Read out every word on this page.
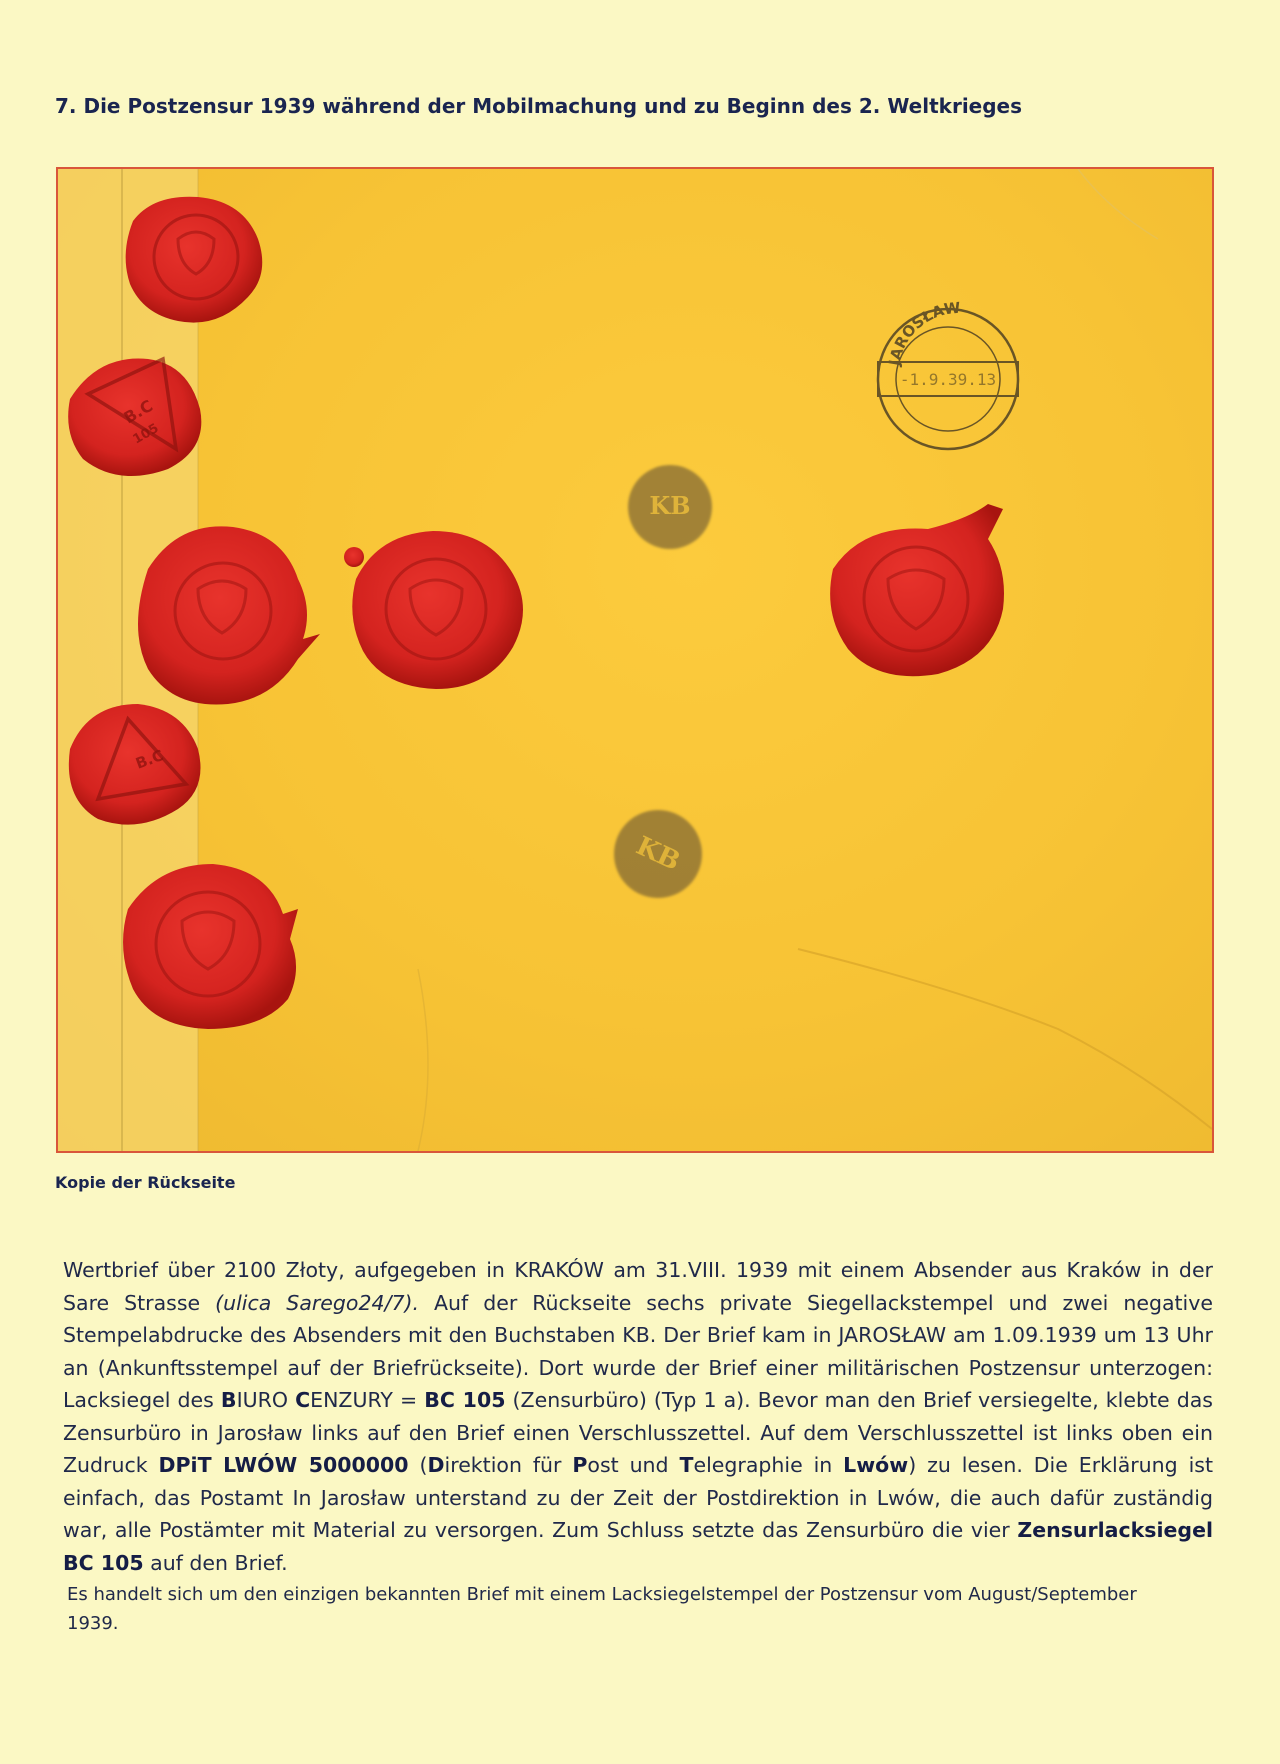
7. Die Postzensur 1939 während der Mobilmachung und zu Beginn des 2. Weltkrieges
B.C
105
B.C
-1.9.39.13
JAROSŁAW
KB
KB

Kopie der Rückseite

Wertbrief über 2100 Złoty, aufgegeben in KRAKÓW am 31.VIII. 1939 mit einem Absender aus Kraków in der Sare Strasse (ulica Sarego24/7). Auf der Rückseite sechs private Siegellackstempel und zwei negative Stempelabdrucke des Absenders mit den Buchstaben KB. Der Brief kam in JAROSŁAW am 1.09.1939 um 13 Uhr an (Ankunftsstempel auf der Briefrückseite). Dort wurde der Brief einer militärischen Postzensur unterzogen: Lacksiegel des BIURO CENZURY = BC 105 (Zensurbüro) (Typ 1 a). Bevor man den Brief versiegelte, klebte das Zensurbüro in Jarosław links auf den Brief einen Verschlusszettel. Auf dem Verschlusszettel ist links oben ein Zudruck DPiT LWÓW 5000000 (Direktion für Post und Telegraphie in Lwów) zu lesen. Die Erklärung ist einfach, das Postamt In Jarosław unterstand zu der Zeit der Postdirektion in Lwów, die auch dafür zuständig war, alle Postämter mit Material zu versorgen. Zum Schluss setzte das Zensurbüro die vier Zensurlacksiegel BC 105 auf den Brief.

Es handelt sich um den einzigen bekannten Brief mit einem Lacksiegelstempel der Postzensur vom August/September 1939.
